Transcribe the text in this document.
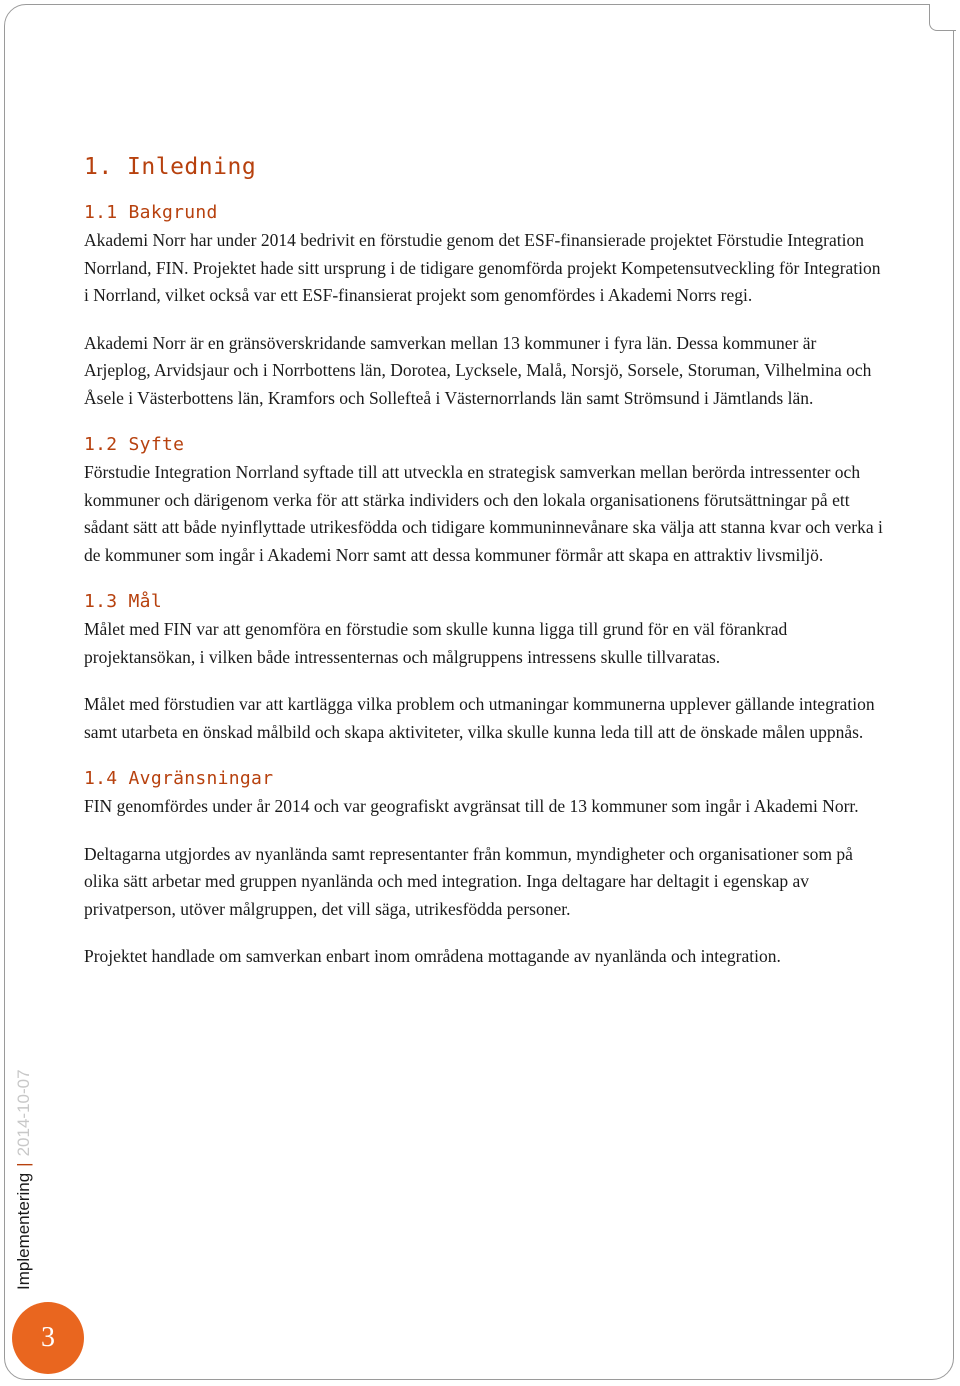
1. Inledning
1.1 Bakgrund

Akademi Norr har under 2014 bedrivit en förstudie genom det ESF-finansierade projektet Förstudie Integration Norrland, FIN. Projektet hade sitt ursprung i de tidigare genomförda projekt Kompetensutveckling för Integration i Norrland, vilket också var ett ESF-finansierat projekt som genomfördes i Akademi Norrs regi.

Akademi Norr är en gränsöverskridande samverkan mellan 13 kommuner i fyra län. Dessa kommuner är Arjeplog, Arvidsjaur och i Norrbottens län, Dorotea, Lycksele, Malå, Norsjö, Sorsele, Storuman, Vilhelmina och Åsele i Västerbottens län, Kramfors och Sollefteå i Västernorrlands län samt Strömsund i Jämtlands län.

1.2 Syfte

Förstudie Integration Norrland syftade till att utveckla en strategisk samverkan mellan berörda intressenter och kommuner och därigenom verka för att stärka individers och den lokala organisationens förutsättningar på ett sådant sätt att både nyinflyttade utrikesfödda och tidigare kommuninnevånare ska välja att stanna kvar och verka i de kommuner som ingår i Akademi Norr samt att dessa kommuner förmår att skapa en attraktiv livsmiljö.

1.3 Mål

Målet med FIN var att genomföra en förstudie som skulle kunna ligga till grund för en väl förankrad projektansökan, i vilken både intressenternas och målgruppens intressens skulle tillvaratas.

Målet med förstudien var att kartlägga vilka problem och utmaningar kommunerna upplever gällande integration samt utarbeta en önskad målbild och skapa aktiviteter, vilka skulle kunna leda till att de önskade målen uppnås.

1.4 Avgränsningar

FIN genomfördes under år 2014 och var geografiskt avgränsat till de 13 kommuner som ingår i Akademi Norr.

Deltagarna utgjordes av nyanlända samt representanter från kommun, myndigheter och organisationer som på olika sätt arbetar med gruppen nyanlända och med integration. Inga deltagare har deltagit i egenskap av privatperson, utöver målgruppen, det vill säga, utrikesfödda personer.

Projektet handlade om samverkan enbart inom områdena mottagande av nyanlända och integration.

Implementering|2014-10-07
3
